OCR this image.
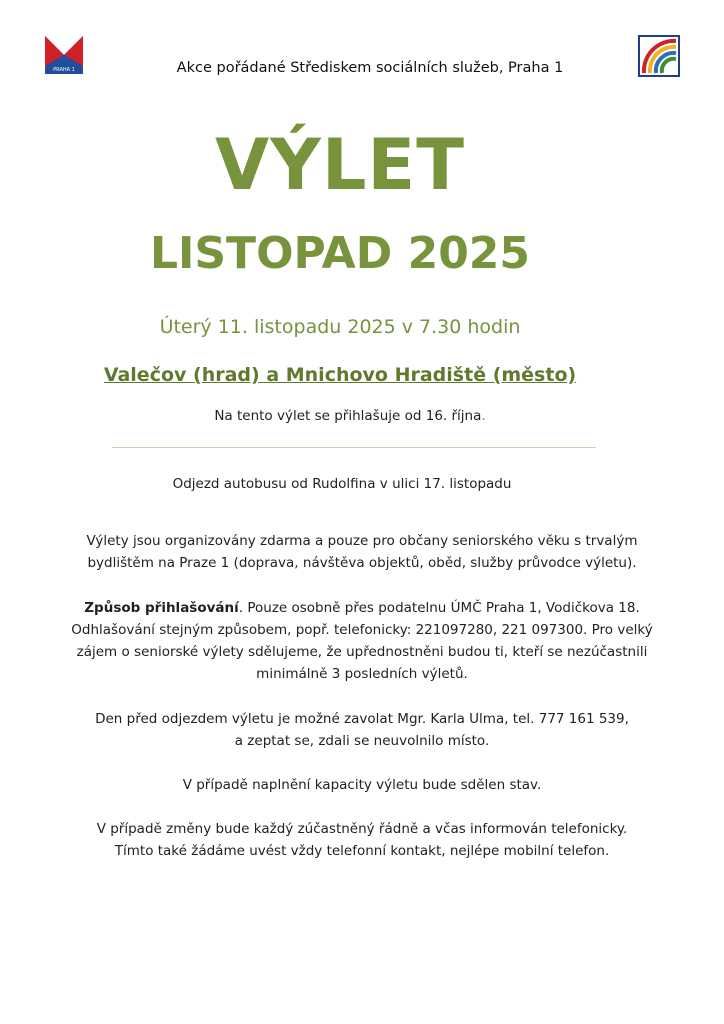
PRAHA 1	Akce pořádané Střediskem sociálních služeb, Praha 1
VÝLET
LISTOPAD 2025
Úterý 11. listopadu 2025 v 7.30 hodin
Valečov (hrad) a Mnichovo Hradiště (město)
Na tento výlet se přihlašuje od 16. října.
Odjezd autobusu od Rudolfina v ulici 17. listopadu
Výlety jsou organizovány zdarma a pouze pro občany seniorského věku s trvalým bydlištěm na Praze 1 (doprava, návštěva objektů, oběd, služby průvodce výletu).
Způsob přihlašování. Pouze osobně přes podatelnu ÚMČ Praha 1, Vodičkova 18. Odhlašování stejným způsobem, popř. telefonicky: 221097280, 221 097300. Pro velký zájem o seniorské výlety sdělujeme, že upřednostněni budou ti, kteří se nezúčastnili minimálně 3 posledních výletů.
Den před odjezdem výletu je možné zavolat Mgr. Karla Ulma, tel. 777 161 539,
a zeptat se, zdali se neuvolnilo místo.
V případě naplnění kapacity výletu bude sdělen stav.
V případě změny bude každý zúčastněný řádně a včas informován telefonicky.
Tímto také žádáme uvést vždy telefonní kontakt, nejlépe mobilní telefon.
